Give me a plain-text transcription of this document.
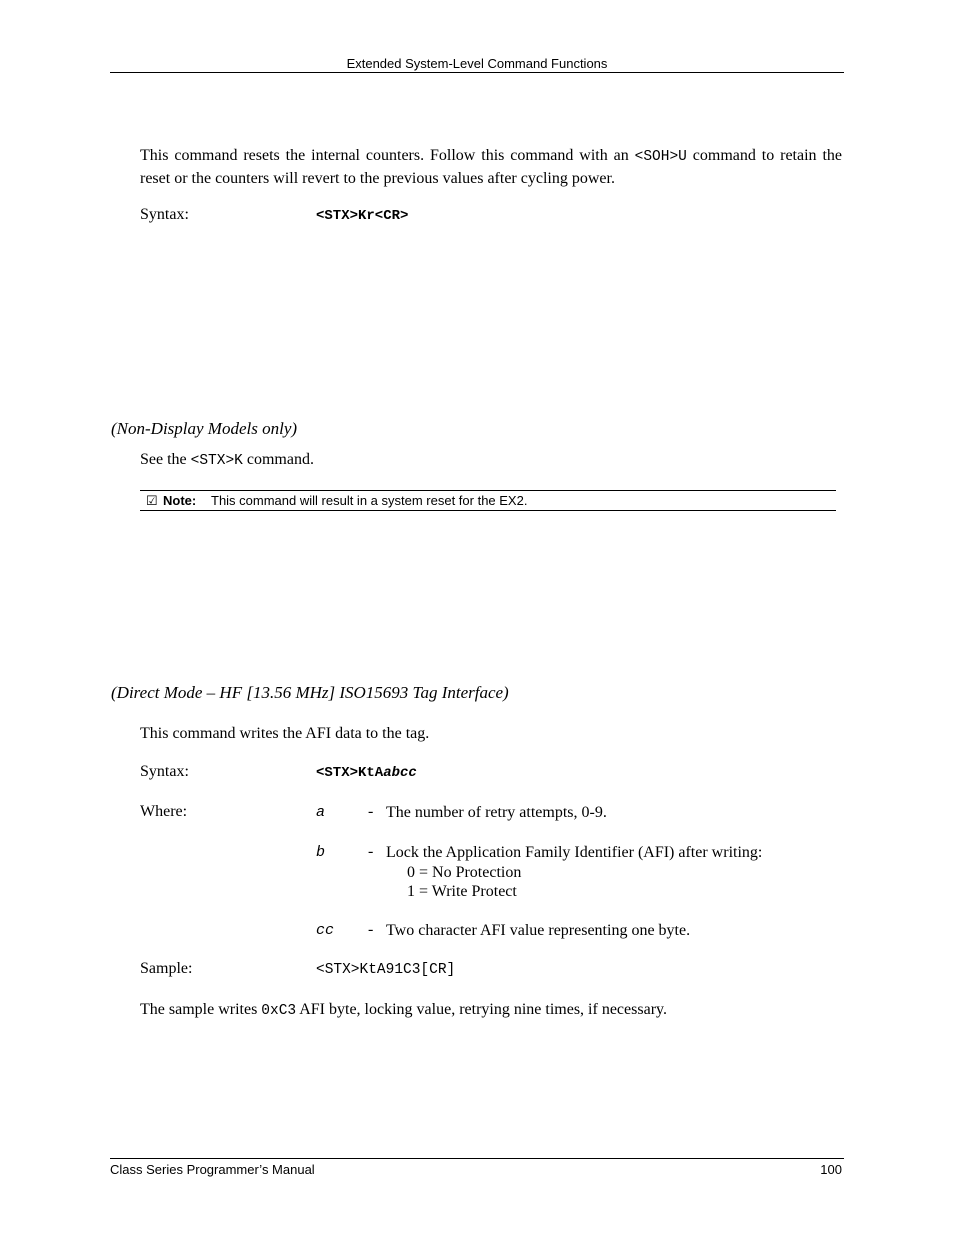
Extended System-Level Command Functions
This command resets the internal counters. Follow this command with an <SOH>U command to retain the reset or the counters will revert to the previous values after cycling power.
Syntax:	<STX>Kr<CR>
(Non-Display Models only)
See the <STX>K command.
☑ Note: This command will result in a system reset for the EX2.
(Direct Mode – HF [13.56 MHz] ISO15693 Tag Interface)
This command writes the AFI data to the tag.
Syntax:	<STX>KtAabcc
Where:	a	- The number of retry attempts, 0-9.
b	- Lock the Application Family Identifier (AFI) after writing:
0 = No Protection
1 = Write Protect
cc - Two character AFI value representing one byte.
Sample:	<STX>KtA91C3[CR]
The sample writes 0xC3 AFI byte, locking value, retrying nine times, if necessary.
Class Series Programmer’s Manual	100
